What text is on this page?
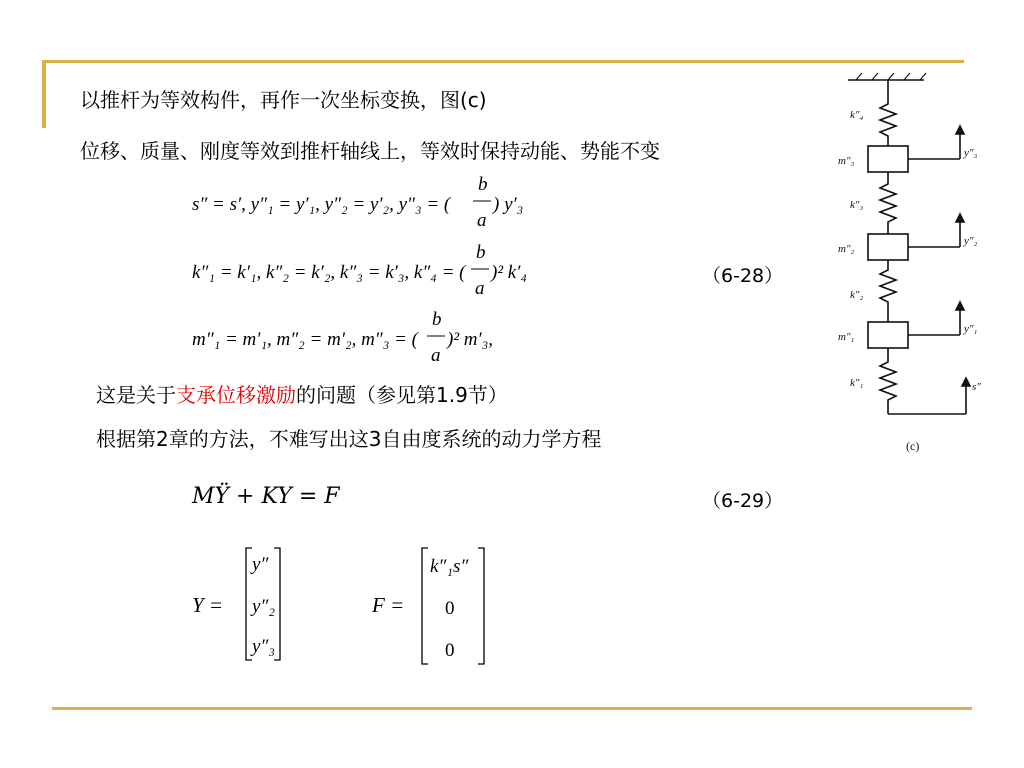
以推杆为等效构件，再作一次坐标变换，图(c)
位移、质量、刚度等效到推杆轴线上，等效时保持动能、势能不变
s″ = s′, y″₁ = y′₁, y″₂ = y′₂, y″₃ = (
b
a
) y′₃
k″₁ = k′₁, k″₂ = k′₂, k″₃ = k′₃, k″₄ = (
b
a
)² k′₄
m″₁ = m′₁, m″₂ = m′₂, m″₃ = (
b
a
)² m′₃,
（6-28）
这是关于支承位移激励的问题（参见第1.9节）
根据第2章的方法，不难写出这3自由度系统的动力学方程
MŸ + KY = F	（6-29）
Y =
y″
y″₂
y″₃
F =
k″₁s″
0
0
k″₄
m″₃
y″₃
k″₃
m″₂
y″₂
k″₂
m″₁
y″₁
k″₁	s″
(c)
